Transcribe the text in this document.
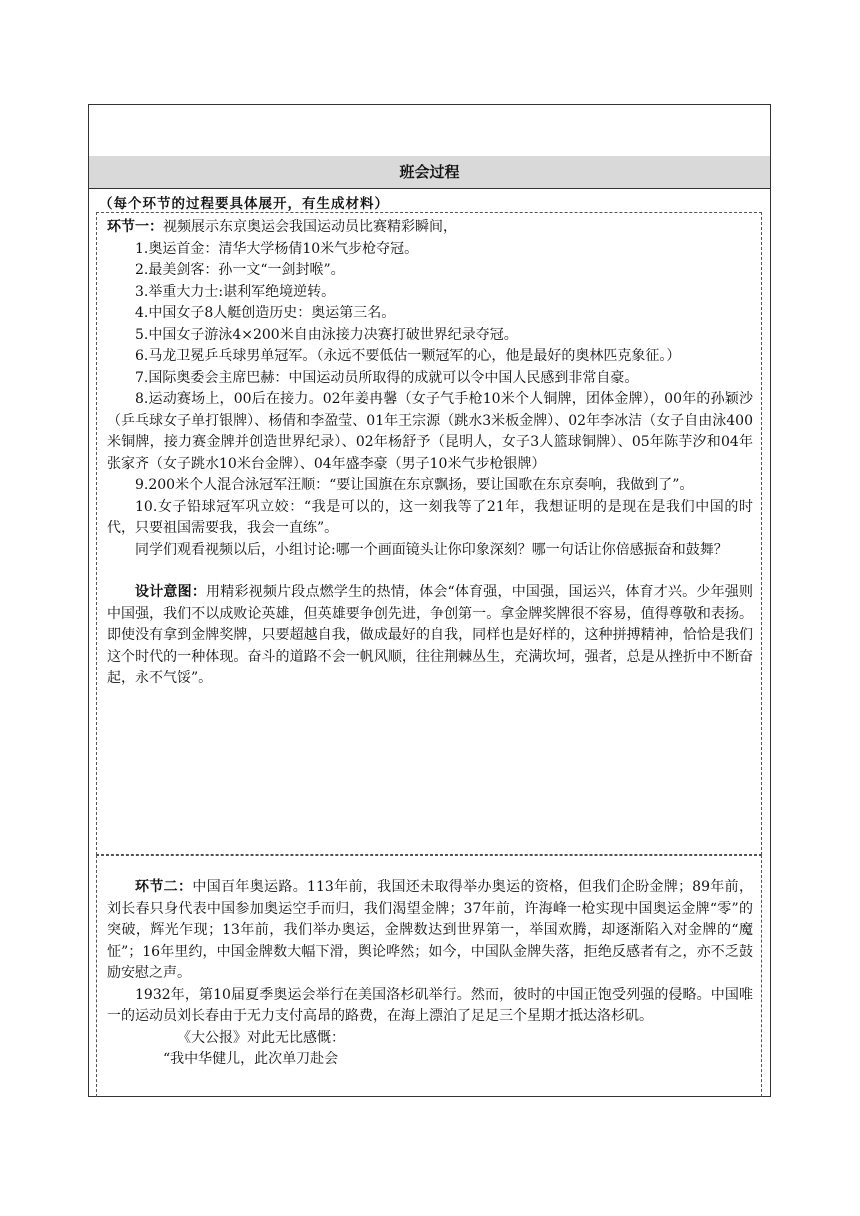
班会过程
（每个环节的过程要具体展开，有生成材料）

环节一：视频展示东京奥运会我国运动员比赛精彩瞬间，

1.奥运首金：清华大学杨倩10米气步枪夺冠。

2.最美剑客：孙一文“一剑封喉”。

3.举重大力士:谌利军绝境逆转。

4.中国女子8人艇创造历史：奥运第三名。

5.中国女子游泳4×200米自由泳接力决赛打破世界纪录夺冠。

6.马龙卫冕乒乓球男单冠军。（永远不要低估一颗冠军的心，他是最好的奥林匹克象征。）

7.国际奥委会主席巴赫：中国运动员所取得的成就可以令中国人民感到非常自豪。

8.运动赛场上，00后在接力。02年姜冉馨（女子气手枪10米个人铜牌，团体金牌），00年的孙颖沙（乒乓球女子单打银牌）、杨倩和李盈莹、01年王宗源（跳水3米板金牌）、02年李冰洁（女子自由泳400米铜牌，接力赛金牌并创造世界纪录）、02年杨舒予（昆明人，女子3人篮球铜牌）、05年陈芋汐和04年张家齐（女子跳水10米台金牌）、04年盛李豪（男子10米气步枪银牌）

9.200米个人混合泳冠军汪顺：“要让国旗在东京飘扬，要让国歌在东京奏响，我做到了”。

10.女子铅球冠军巩立姣：“我是可以的，这一刻我等了21年，我想证明的是现在是我们中国的时代，只要祖国需要我，我会一直练”。

同学们观看视频以后，小组讨论:哪一个画面镜头让你印象深刻？哪一句话让你倍感振奋和鼓舞？

设计意图：用精彩视频片段点燃学生的热情，体会“体育强，中国强，国运兴，体育才兴。少年强则中国强，我们不以成败论英雄，但英雄要争创先进，争创第一。拿金牌奖牌很不容易，值得尊敬和表扬。即使没有拿到金牌奖牌，只要超越自我，做成最好的自我，同样也是好样的，这种拼搏精神，恰恰是我们这个时代的一种体现。奋斗的道路不会一帆风顺，往往荆棘丛生，充满坎坷，强者，总是从挫折中不断奋起，永不气馁”。

环节二：中国百年奥运路。113年前，我国还未取得举办奥运的资格，但我们企盼金牌；89年前，刘长春只身代表中国参加奥运空手而归，我们渴望金牌；37年前，许海峰一枪实现中国奥运金牌“零”的突破，辉光乍现；13年前，我们举办奥运，金牌数达到世界第一，举国欢腾，却逐渐陷入对金牌的“魔怔”；16年里约，中国金牌数大幅下滑，舆论哗然；如今，中国队金牌失落，拒绝反感者有之，亦不乏鼓励安慰之声。

1932年，第10届夏季奥运会举行在美国洛杉矶举行。然而，彼时的中国正饱受列强的侵略。中国唯一的运动员刘长春由于无力支付高昂的路费，在海上漂泊了足足三个星期才抵达洛杉矶。

《大公报》对此无比感慨：

“我中华健儿，此次单刀赴会
